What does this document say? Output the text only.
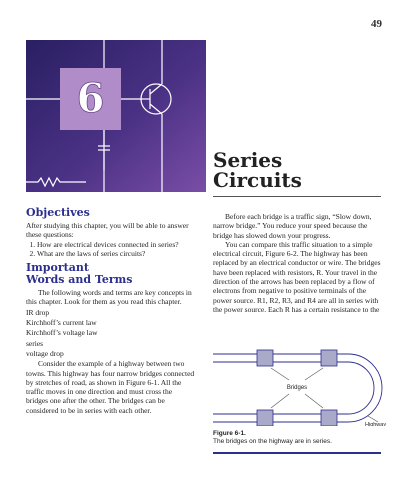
49
6
Series
Circuits
Objectives

After studying this chapter, you will be able to answer these questions:

1. How are electrical devices connected in series?
2. What are the laws of series circuits?
Important
Words and Terms

The following words and terms are key concepts in this chapter. Look for them as you read this chapter.

IR drop
Kirchhoff’s current law
Kirchhoff’s voltage law
series
voltage drop

Consider the example of a highway between two towns. This highway has four narrow bridges connected by stretches of road, as shown in Figure 6-1. All the traffic moves in one direction and must cross the bridges one after the other. The bridges can be considered to be in series with each other.

Before each bridge is a traffic sign, “Slow down, narrow bridge.” You reduce your speed because the bridge has slowed down your progress.

You can compare this traffic situation to a simple electrical circuit, Figure 6-2. The highway has been replaced by an electrical conductor or wire. The bridges have been replaced with resistors, R. Your travel in the direction of the arrows has been replaced by a flow of electrons from negative to positive terminals of the power source. R1, R2, R3, and R4 are all in series with the power source. Each R has a certain resistance to the

Bridges
Highway
Figure 6-1.
The bridges on the highway are in series.
